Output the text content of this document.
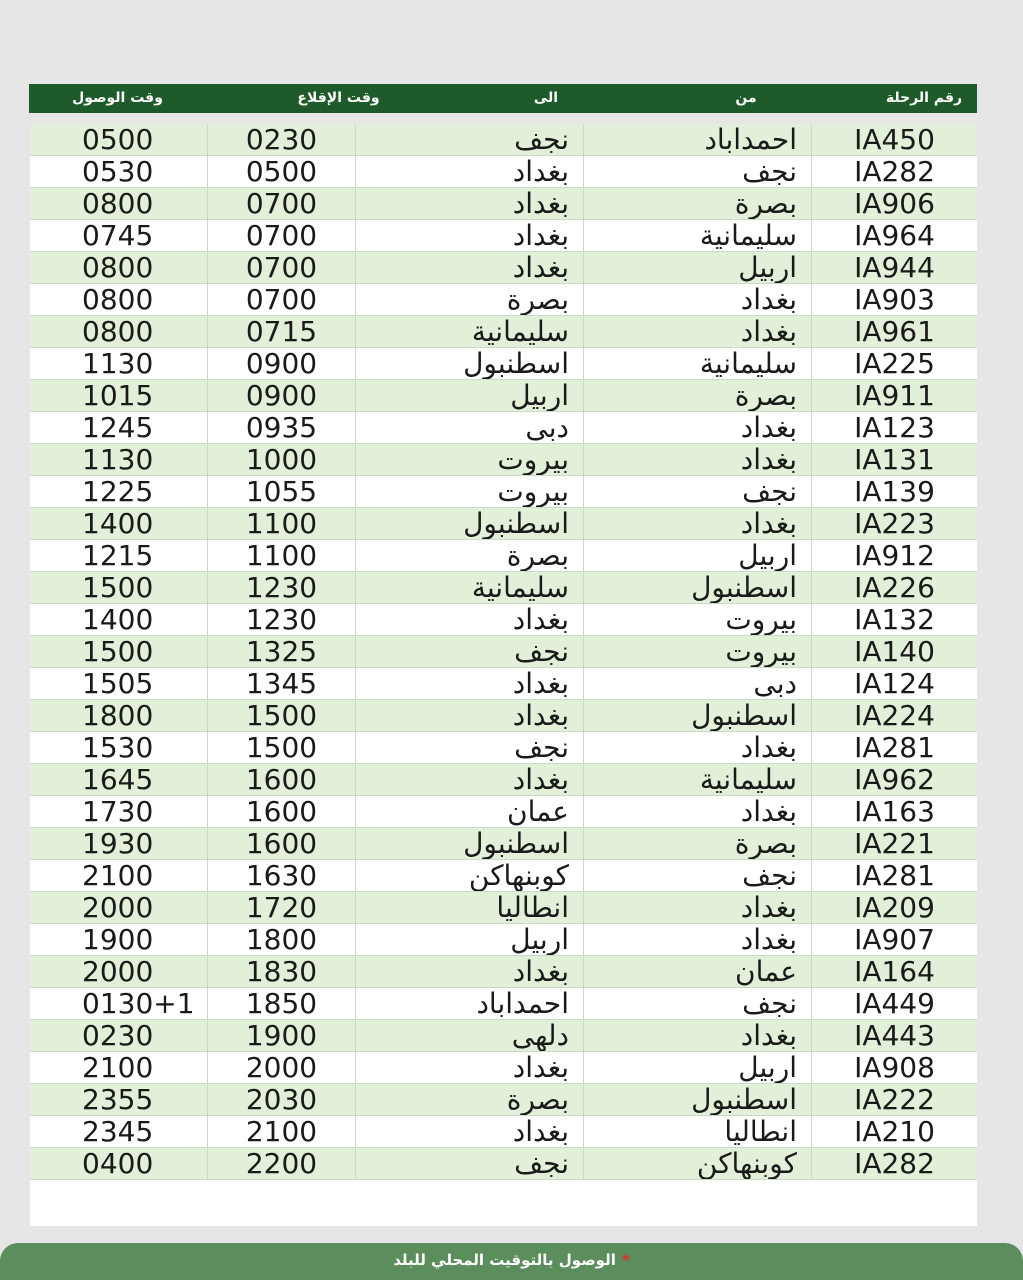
وقت الوصول	وقت الإقلاع	الى	من	رقم الرحلة
0500	0230	نجف	احمداباد	IA450
0530	0500	بغداد	نجف	IA282
0800	0700	بغداد	بصرة	IA906
0745	0700	بغداد	سليمانية	IA964
0800	0700	بغداد	اربيل	IA944
0800	0700	بصرة	بغداد	IA903
0800	0715	سليمانية	بغداد	IA961
1130	0900	اسطنبول	سليمانية	IA225
1015	0900	اربيل	بصرة	IA911
1245	0935	دبى	بغداد	IA123
1130	1000	بيروت	بغداد	IA131
1225	1055	بيروت	نجف	IA139
1400	1100	اسطنبول	بغداد	IA223
1215	1100	بصرة	اربيل	IA912
1500	1230	سليمانية	اسطنبول	IA226
1400	1230	بغداد	بيروت	IA132
1500	1325	نجف	بيروت	IA140
1505	1345	بغداد	دبى	IA124
1800	1500	بغداد	اسطنبول	IA224
1530	1500	نجف	بغداد	IA281
1645	1600	بغداد	سليمانية	IA962
1730	1600	عمان	بغداد	IA163
1930	1600	اسطنبول	بصرة	IA221
2100	1630	كوبنهاكن	نجف	IA281
2000	1720	انطاليا	بغداد	IA209
1900	1800	اربيل	بغداد	IA907
2000	1830	بغداد	عمان	IA164
0130+1	1850	احمداباد	نجف	IA449
0230	1900	دلهى	بغداد	IA443
2100	2000	بغداد	اربيل	IA908
2355	2030	بصرة	اسطنبول	IA222
2345	2100	بغداد	انطاليا	IA210
0400	2200	نجف	كوبنهاكن	IA282
الوصول بالتوقيت المحلي للبلد *
